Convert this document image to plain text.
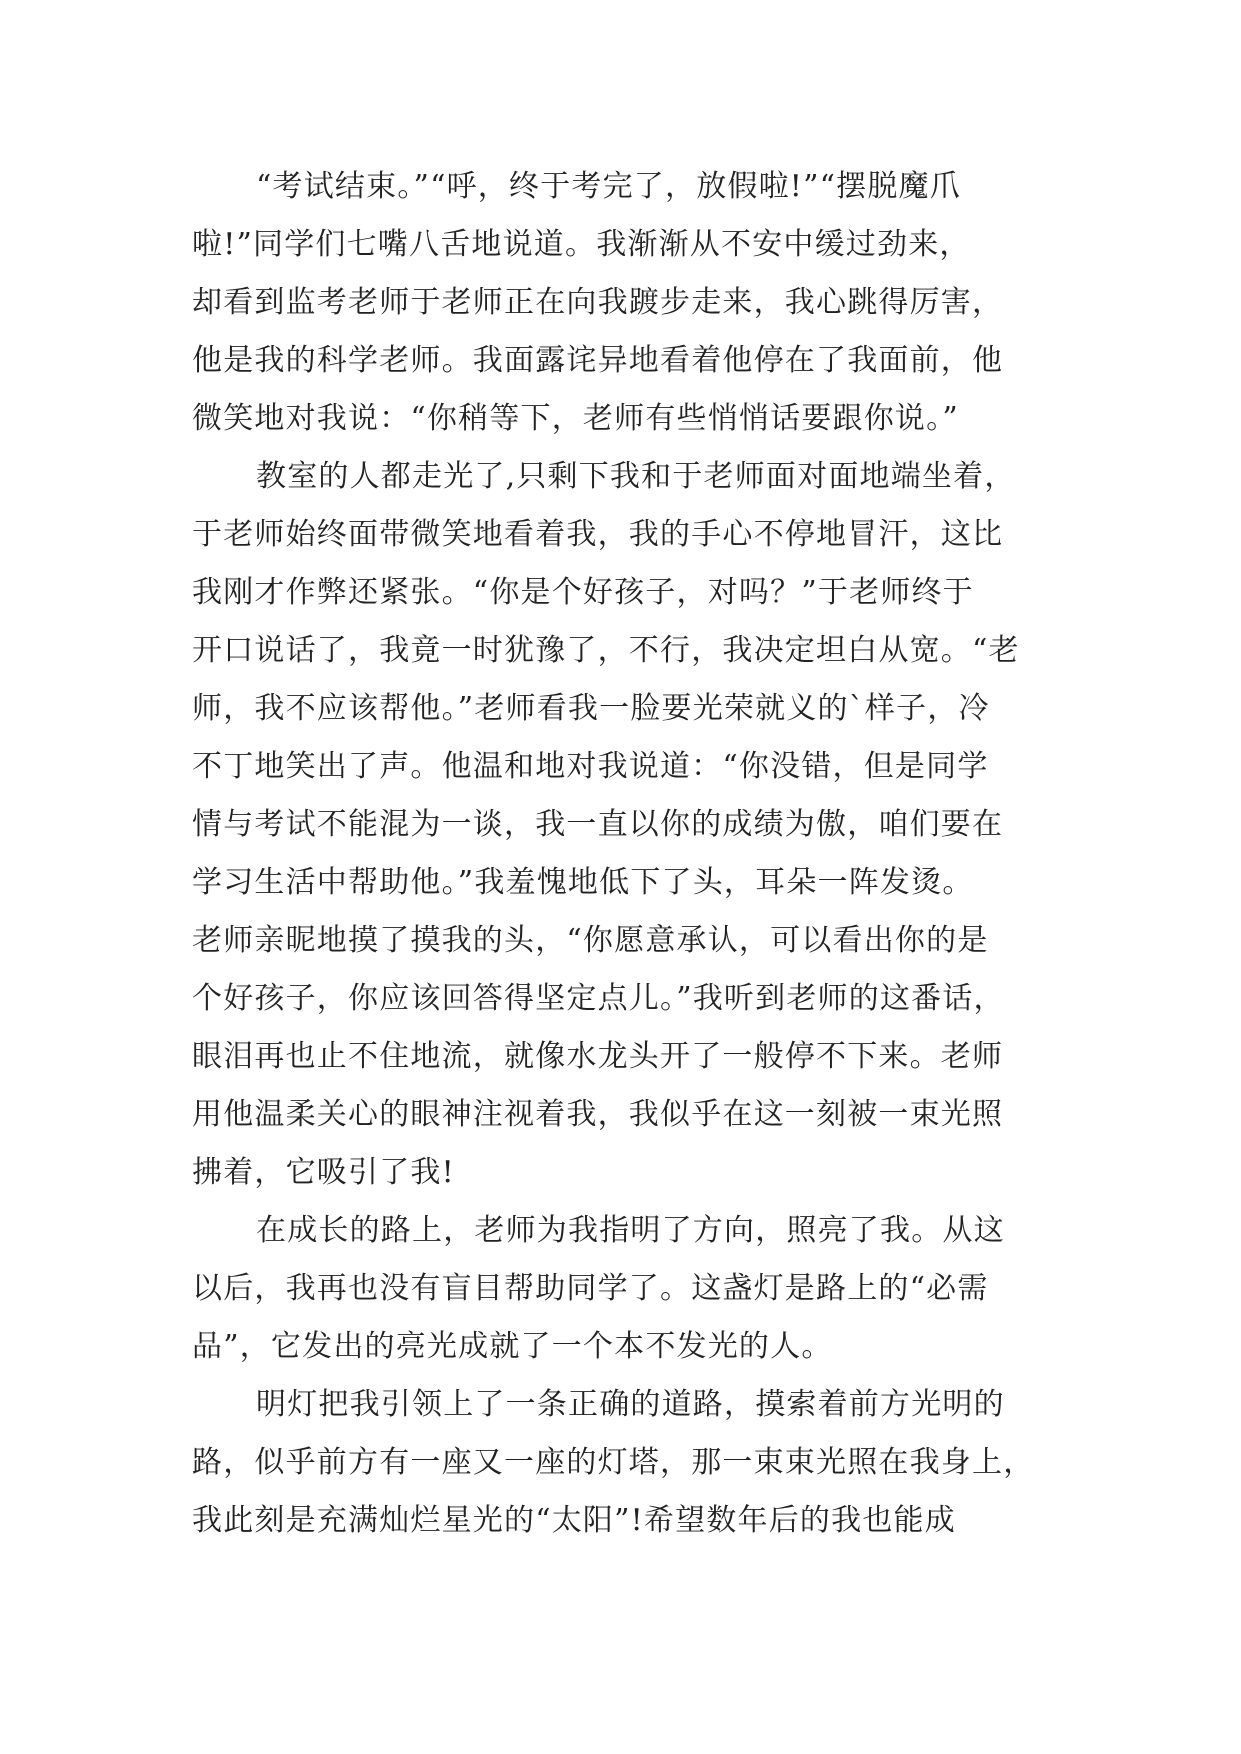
“考试结束。”“呼，终于考完了，放假啦!”“摆脱魔爪
啦!”同学们七嘴八舌地说道。我渐渐从不安中缓过劲来，
却看到监考老师于老师正在向我踱步走来，我心跳得厉害，
他是我的科学老师。我面露诧异地看着他停在了我面前，他
微笑地对我说：“你稍等下，老师有些悄悄话要跟你说。”
教室的人都走光了,只剩下我和于老师面对面地端坐着，
于老师始终面带微笑地看着我，我的手心不停地冒汗，这比
我刚才作弊还紧张。“你是个好孩子，对吗？”于老师终于
开口说话了，我竟一时犹豫了，不行，我决定坦白从宽。“老
师，我不应该帮他。”老师看我一脸要光荣就义的`样子，冷
不丁地笑出了声。他温和地对我说道：“你没错，但是同学
情与考试不能混为一谈，我一直以你的成绩为傲，咱们要在
学习生活中帮助他。”我羞愧地低下了头，耳朵一阵发烫。
老师亲昵地摸了摸我的头，“你愿意承认，可以看出你的是
个好孩子，你应该回答得坚定点儿。”我听到老师的这番话，
眼泪再也止不住地流，就像水龙头开了一般停不下来。老师
用他温柔关心的眼神注视着我，我似乎在这一刻被一束光照
拂着，它吸引了我!
在成长的路上，老师为我指明了方向，照亮了我。从这
以后，我再也没有盲目帮助同学了。这盏灯是路上的“必需
品”，它发出的亮光成就了一个本不发光的人。
明灯把我引领上了一条正确的道路，摸索着前方光明的
路，似乎前方有一座又一座的灯塔，那一束束光照在我身上，
我此刻是充满灿烂星光的“太阳”!希望数年后的我也能成
